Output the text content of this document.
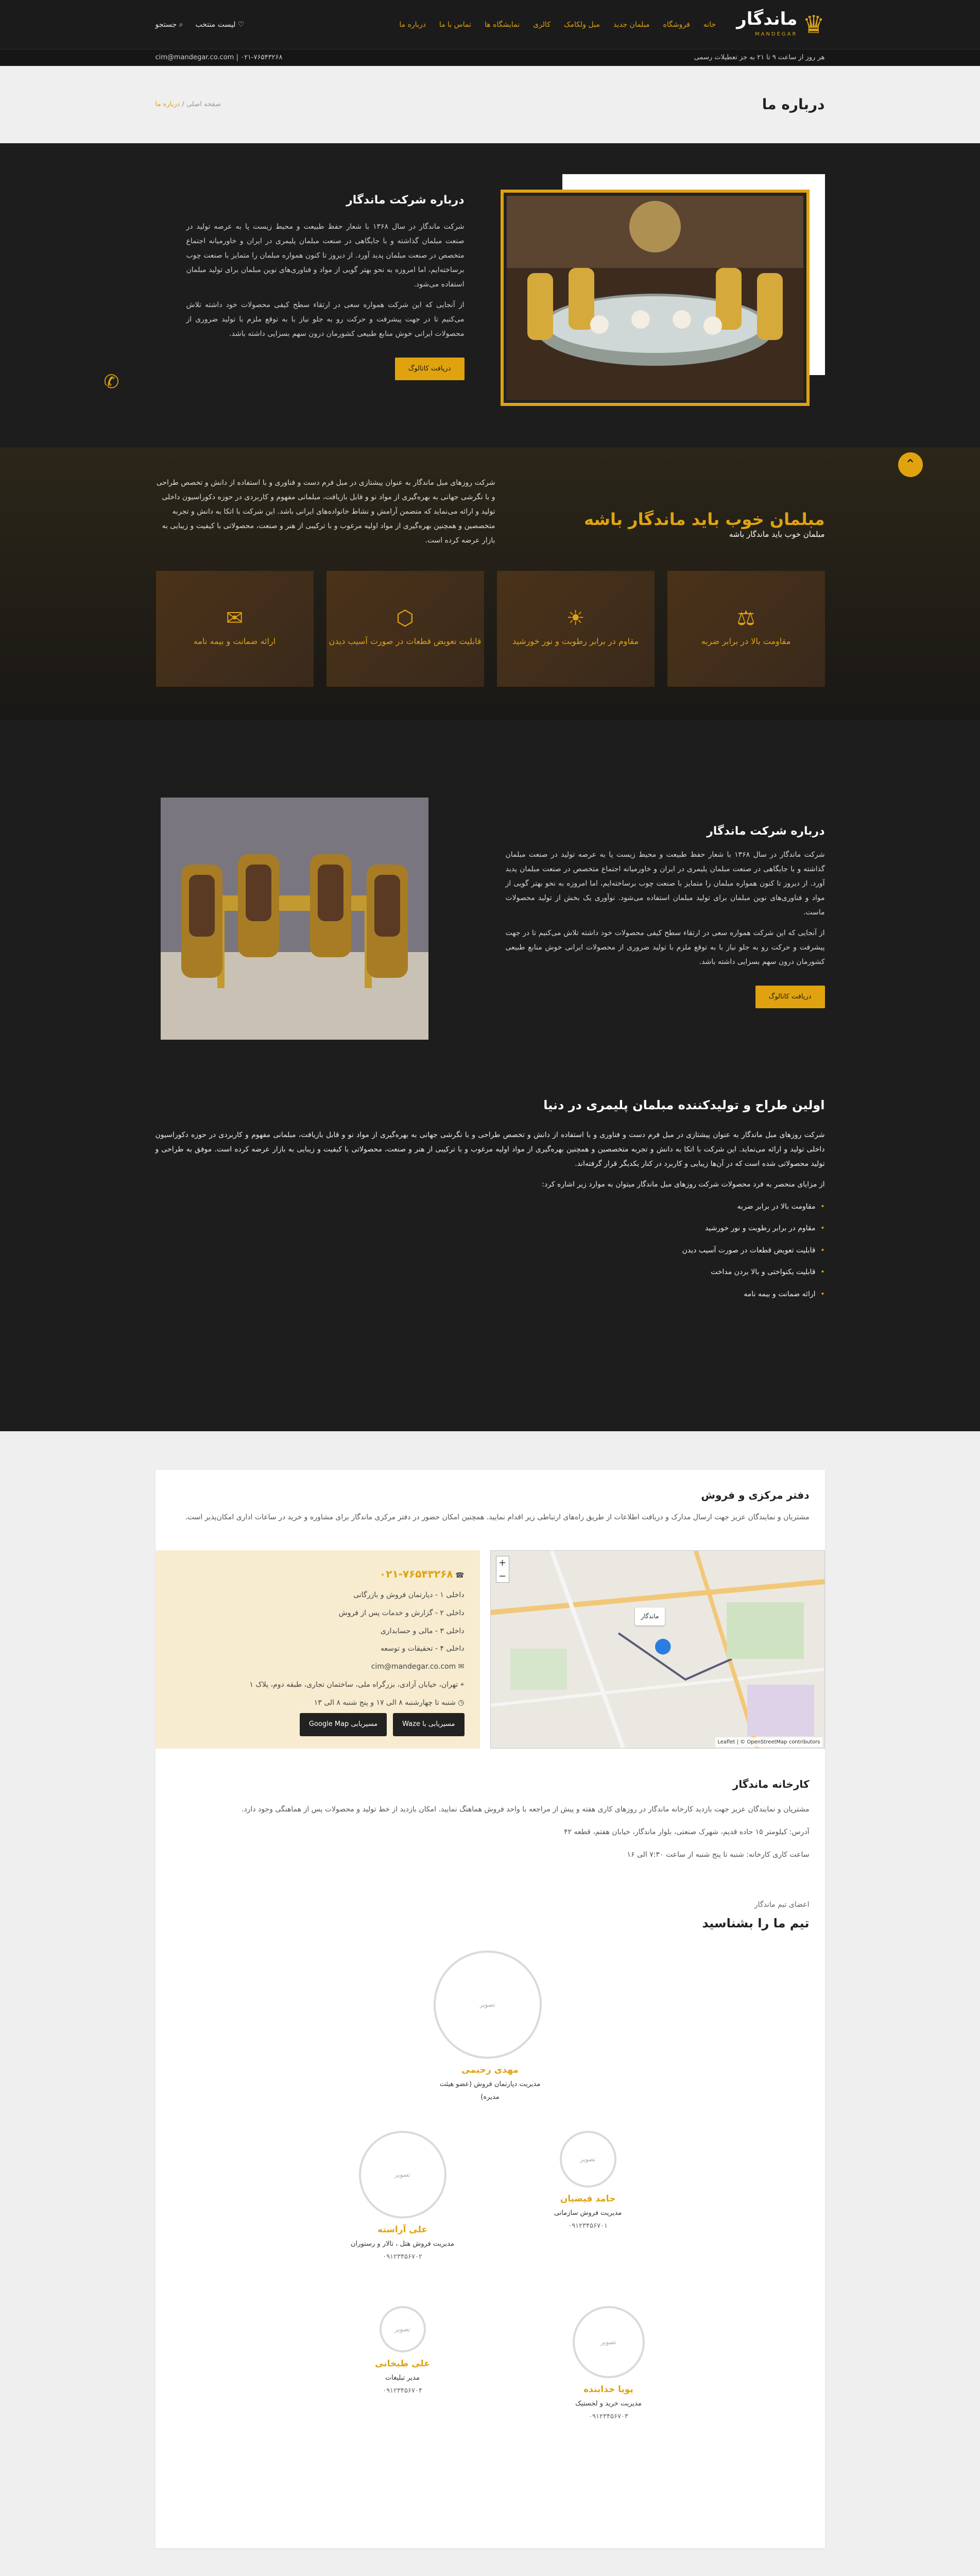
♛
ماندگار
MANDEGAR
خانه
فروشگاه
مبلمان جدید
مبل ولکامک
کالری
نمایشگاه ها
تماس با ما
درباره ما
♡ لیست منتخب
⌕ جستجو
هر روز از ساعت ۹ تا ۲۱ به جز تعطیلات رسمی
cim@mandegar.co.com | ۰۲۱-۷۶۵۴۳۲۶۸
درباره ما
صفحه اصلی / درباره ما
درباره شرکت ماندگار

شرکت ماندگار در سال ۱۳۶۸ با شعار حفظ طبیعت و محیط زیست پا به عرصه تولید در صنعت مبلمان گذاشته و با جایگاهی در صنعت مبلمان پلیمری در ایران و خاورمیانه اجتماع متخصص در صنعت مبلمان پدید آورد. از دیروز تا کنون همواره مبلمان را متمایز با صنعت چوب برساخته‌ایم، اما امروزه به نحو بهتر گویی از مواد و فناوری‌های نوین مبلمان برای تولید مبلمان استفاده می‌شود.

از آنجایی که این شرکت همواره سعی در ارتقاء سطح کیفی محصولات خود داشته تلاش می‌کنیم تا در جهت پیشرفت و حرکت رو به جلو نیاز با به توقع ملزم با تولید ضروری از محصولات ایرانی خوش منابع طبیعی کشورمان درون سهم بسزایی داشته باشد.

دریافت کاتالوگ
✆
⌃
مبلمان خوب باید ماندگار باشه
مبلمان خوب باید ماندگار باشه

شرکت روزهای مبل ماندگار به عنوان پیشتازی در مبل فرم دست و فناوری و با استفاده از دانش و تخصص طراحی و با نگرشی جهانی به بهره‌گیری از مواد نو و قابل بازیافت، مبلمانی مفهوم و کاربردی در حوزه دکوراسیون داخلی تولید و ارائه می‌نماید که متضمن آرامش و نشاط خانواده‌های ایرانی باشد. این شرکت با اتکا به دانش و تجربه متخصصین و همچنین بهره‌گیری از مواد اولیه مرغوب و با ترکیبی از هنر و صنعت، محصولاتی با کیفیت و زیبایی به بازار عرضه کرده است.

⚖
مقاومت بالا در برابر ضربه
☀
مقاوم در برابر رطوبت و نور خورشید
⬡
قابلیت تعویض قطعات در صورت آسیب دیدن
✉
ارائه ضمانت و بیمه نامه
درباره شرکت ماندگار

شرکت ماندگار در سال ۱۳۶۸ با شعار حفظ طبیعت و محیط زیست پا به عرصه تولید در صنعت مبلمان گذاشته و با جایگاهی در صنعت مبلمان پلیمری در ایران و خاورمیانه اجتماع متخصص در صنعت مبلمان پدید آورد. از دیروز تا کنون همواره مبلمان را متمایز با صنعت چوب برساخته‌ایم، اما امروزه به نحو بهتر گویی از مواد و فناوری‌های نوین مبلمان برای تولید مبلمان استفاده می‌شود. نوآوری یک بخش از تولید محصولات ماست.

از آنجایی که این شرکت همواره سعی در ارتقاء سطح کیفی محصولات خود داشته تلاش می‌کنیم تا در جهت پیشرفت و حرکت رو به جلو نیاز با به توقع ملزم با تولید ضروری از محصولات ایرانی خوش منابع طبیعی کشورمان درون سهم بسزایی داشته باشد.

دریافت کاتالوگ
اولین طراح و تولیدکننده مبلمان پلیمری در دنیا

شرکت روزهای مبل ماندگار به عنوان پیشتازی در مبل فرم دست و فناوری و با استفاده از دانش و تخصص طراحی و با نگرشی جهانی به بهره‌گیری از مواد نو و قابل بازیافت، مبلمانی مفهوم و کاربردی در حوزه دکوراسیون داخلی تولید و ارائه می‌نماید. این شرکت با اتکا به دانش و تجربه متخصصین و همچنین بهره‌گیری از مواد اولیه مرغوب و با ترکیبی از هنر و صنعت، محصولاتی با کیفیت و زیبایی به بازار عرضه کرده است. موفق به طراحی و تولید محصولاتی شده است که در آن‌ها زیبایی و کاربرد در کنار یکدیگر قرار گرفته‌اند.

از مزایای منحصر به فرد محصولات شرکت روزهای مبل ماندگار میتوان به موارد زیر اشاره کرد:

• مقاومت بالا در برابر ضربه
• مقاوم در برابر رطوبت و نور خورشید
• قابلیت تعویض قطعات در صورت آسیب دیدن
• قابلیت یکنواختی و بالا بردن مداخت
• ارائه ضمانت و بیمه نامه
دفتر مرکزی و فروش

مشتریان و نمایندگان عزیز جهت ارسال مدارک و دریافت اطلاعات از طریق راه‌های ارتباطی زیر اقدام نمایید. همچنین امکان حضور در دفتر مرکزی ماندگار برای مشاوره و خرید در ساعات اداری امکان‌پذیر است.

+
−
ماندگار
⬤
Leaflet | © OpenStreetMap contributors
☎ ۰۲۱-۷۶۵۴۳۲۶۸
داخلی ۱ - دپارتمان فروش و بازرگانی
داخلی ۲ - گزارش و خدمات پس از فروش
داخلی ۳ - مالی و حسابداری
داخلی ۴ - تحقیقات و توسعه
✉ cim@mandegar.co.com
⌖ تهران، خیابان آزادی، بزرگراه ملی، ساختمان تجاری، طبقه دوم، پلاک ۱
◷ شنبه تا چهارشنبه ۸ الی ۱۷ و پنج شنبه ۸ الی ۱۳
مسیریابی با Waze
مسیریابی Google Map
کارخانه ماندگار

مشتریان و نمایندگان عزیز جهت بازدید کارخانه ماندگار در روزهای کاری هفته و پیش از مراجعه با واحد فروش هماهنگ نمایید. امکان بازدید از خط تولید و محصولات پس از هماهنگی وجود دارد.

آدرس: کیلومتر ۱۵ جاده قدیم، شهرک صنعتی، بلوار ماندگار، خیابان هفتم، قطعه ۴۲

ساعت کاری کارخانه: شنبه تا پنج شنبه از ساعت ۷:۳۰ الی ۱۶

اعضای تیم ماندگار
تیم ما را بشناسید
تصویر
مهدی رحیمی
مدیریت دپارتمان فروش (عضو هیئت مدیره)
تصویر
حامد فیضیان
مدیریت فروش سازمانی
۰۹۱۲۳۴۵۶۷۰۱
تصویر
علی آراسته
مدیریت فروش هتل ، تالار و رستوران
۰۹۱۲۳۴۵۶۷۰۲
تصویر
پویا خدابنده
مدیریت خرید و لجستیک
۰۹۱۲۳۴۵۶۷۰۳
تصویر
علی طبخانی
مدیر تبلیغات
۰۹۱۲۳۴۵۶۷۰۴
